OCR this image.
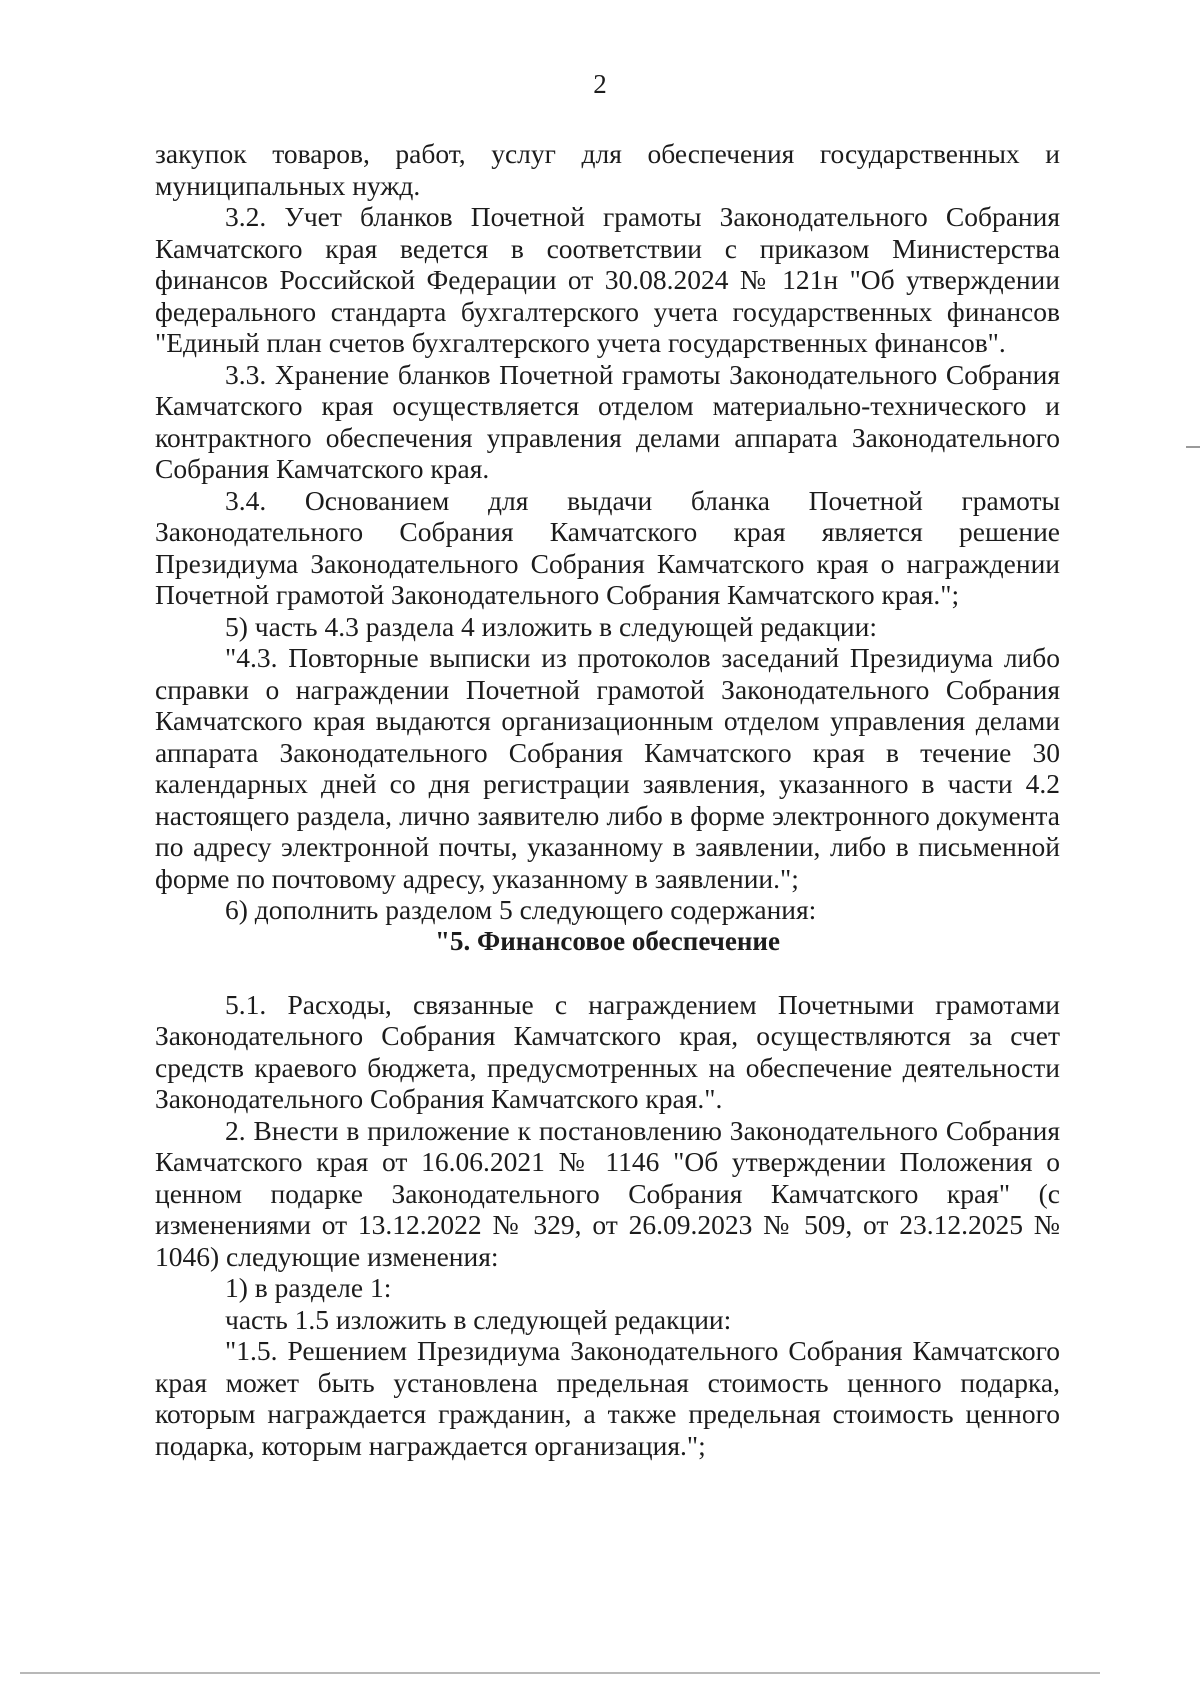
2

закупок товаров, работ, услуг для обеспечения государственных и муниципальных нужд.

3.2. Учет бланков Почетной грамоты Законодательного Собрания Камчатского края ведется в соответствии с приказом Министерства финансов Российской Федерации от 30.08.2024 № 121н "Об утверждении федерального стандарта бухгалтерского учета государственных финансов "Единый план счетов бухгалтерского учета государственных финансов".

3.3. Хранение бланков Почетной грамоты Законодательного Собрания Камчатского края осуществляется отделом материально-технического и контрактного обеспечения управления делами аппарата Законодательного Собрания Камчатского края.

3.4. Основанием для выдачи бланка Почетной грамоты Законодательного Собрания Камчатского края является решение Президиума Законодательного Собрания Камчатского края о награждении Почетной грамотой Законодательного Собрания Камчатского края.";

5) часть 4.3 раздела 4 изложить в следующей редакции:

"4.3. Повторные выписки из протоколов заседаний Президиума либо справки о награждении Почетной грамотой Законодательного Собрания Камчатского края выдаются организационным отделом управления делами аппарата Законодательного Собрания Камчатского края в течение 30 календарных дней со дня регистрации заявления, указанного в части 4.2 настоящего раздела, лично заявителю либо в форме электронного документа по адресу электронной почты, указанному в заявлении, либо в письменной форме по почтовому адресу, указанному в заявлении.";

6) дополнить разделом 5 следующего содержания:

"5. Финансовое обеспечение

5.1. Расходы, связанные с награждением Почетными грамотами Законодательного Собрания Камчатского края, осуществляются за счет средств краевого бюджета, предусмотренных на обеспечение деятельности Законодательного Собрания Камчатского края.".

2. Внести в приложение к постановлению Законодательного Собрания Камчатского края от 16.06.2021 № 1146 "Об утверждении Положения о ценном подарке Законодательного Собрания Камчатского края" (с изменениями от 13.12.2022 № 329, от 26.09.2023 № 509, от 23.12.2025 № 1046) следующие изменения:

1) в разделе 1:

часть 1.5 изложить в следующей редакции:

"1.5. Решением Президиума Законодательного Собрания Камчатского края может быть установлена предельная стоимость ценного подарка, которым награждается гражданин, а также предельная стоимость ценного подарка, которым награждается организация.";
